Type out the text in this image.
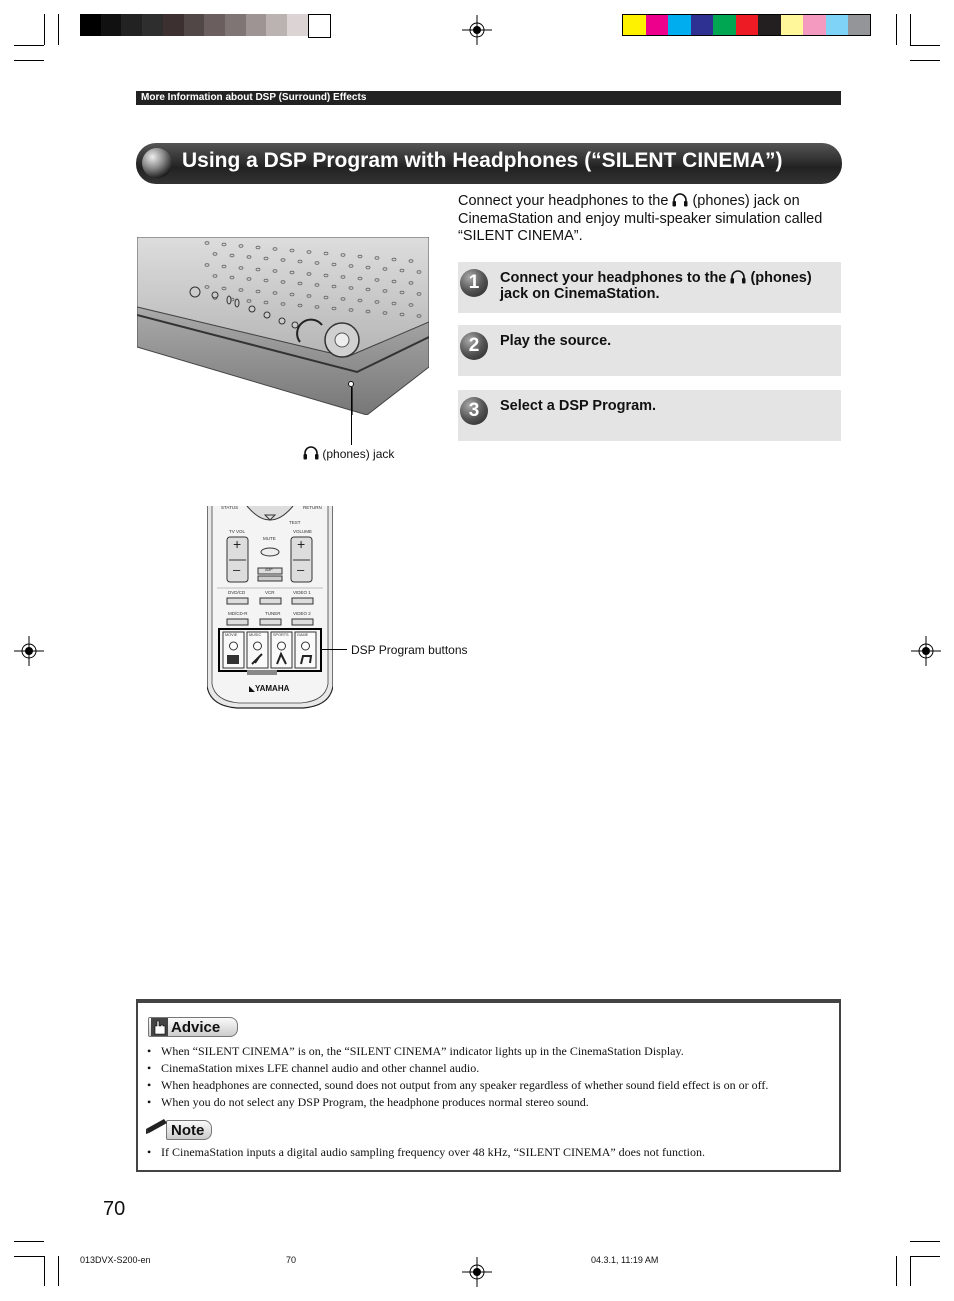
More Information about DSP (Surround) Effects
Using a DSP Program with Headphones (“SILENT CINEMA”)
Connect your headphones to the (phones) jack on CinemaStation and enjoy multi-speaker simulation called “SILENT CINEMA”.
1	Connect your headphones to the (phones) jack on CinemaStation.
2	Play the source.
3	Select a DSP Program.
(phones) jack
STATUS	RETURN
TEST
TV VOL	VOLUME
MUTE
AMP
+	+
–	–
DVD/CD	VCR	VIDEO 1
MD/CD-R	TUNER	VIDEO 2
MOVIE	MUSIC	SPORTS GAME
YAMAHA
DSP Program buttons
Advice
• When “SILENT CINEMA” is on, the “SILENT CINEMA” indicator lights up in the CinemaStation Display.
• CinemaStation mixes LFE channel audio and other channel audio.
• When headphones are connected, sound does not output from any speaker regardless of whether sound field effect is on or off.
• When you do not select any DSP Program, the headphone produces normal stereo sound.
Note
• If CinemaStation inputs a digital audio sampling frequency over 48 kHz, “SILENT CINEMA” does not function.
70
013DVX-S200-en	70	04.3.1, 11:19 AM
